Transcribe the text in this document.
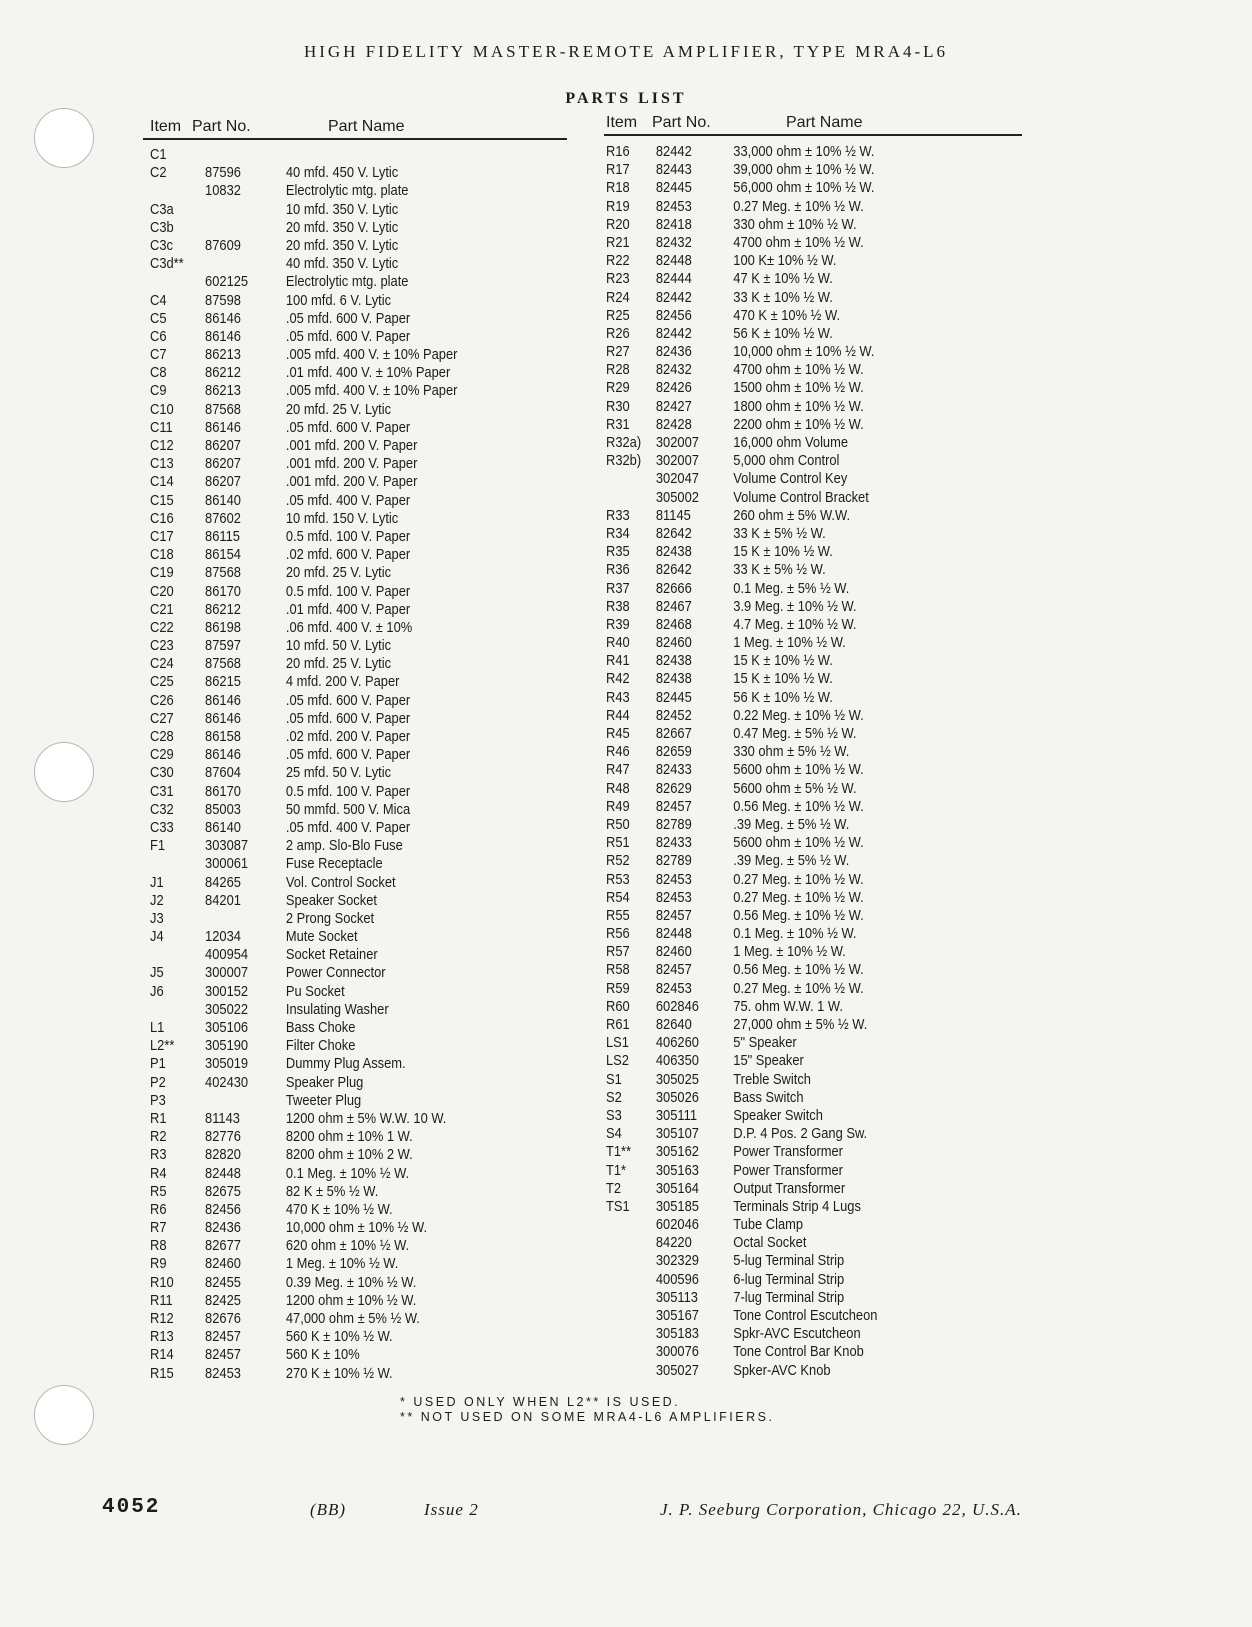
HIGH FIDELITY MASTER-REMOTE AMPLIFIER, TYPE MRA4-L6
PARTS LIST
Item Part No.	Part Name	Item Part No.	Part Name
C1
C2	87596	40 mfd. 450 V. Lytic
10832	Electrolytic mtg. plate
C3a	10 mfd. 350 V. Lytic
C3b	20 mfd. 350 V. Lytic
C3c 87609	20 mfd. 350 V. Lytic
C3d**	40 mfd. 350 V. Lytic
602125	Electrolytic mtg. plate
C4	87598	100 mfd. 6 V. Lytic
C5	86146	.05 mfd. 600 V. Paper
C6	86146	.05 mfd. 600 V. Paper
C7	86213	.005 mfd. 400 V. ± 10% Paper
C8	86212	.01 mfd. 400 V. ± 10% Paper
C9	86213	.005 mfd. 400 V. ± 10% Paper
C10 87568	20 mfd. 25 V. Lytic
C11 86146	.05 mfd. 600 V. Paper
C12 86207	.001 mfd. 200 V. Paper
C13 86207	.001 mfd. 200 V. Paper
C14 86207	.001 mfd. 200 V. Paper
C15 86140	.05 mfd. 400 V. Paper
C16 87602	10 mfd. 150 V. Lytic
C17 86115	0.5 mfd. 100 V. Paper
C18 86154	.02 mfd. 600 V. Paper
C19 87568	20 mfd. 25 V. Lytic
C20 86170	0.5 mfd. 100 V. Paper
C21 86212	.01 mfd. 400 V. Paper
C22 86198	.06 mfd. 400 V. ± 10%
C23 87597	10 mfd. 50 V. Lytic
C24 87568	20 mfd. 25 V. Lytic
C25 86215	4 mfd. 200 V. Paper
C26 86146	.05 mfd. 600 V. Paper
C27 86146	.05 mfd. 600 V. Paper
C28 86158	.02 mfd. 200 V. Paper
C29 86146	.05 mfd. 600 V. Paper
C30 87604	25 mfd. 50 V. Lytic
C31 86170	0.5 mfd. 100 V. Paper
C32 85003	50 mmfd. 500 V. Mica
C33 86140	.05 mfd. 400 V. Paper
F1	303087	2 amp. Slo-Blo Fuse
300061	Fuse Receptacle
J1	84265	Vol. Control Socket
J2	84201	Speaker Socket
J3	2 Prong Socket
J4	12034	Mute Socket
400954	Socket Retainer
J5	300007	Power Connector
J6	300152	Pu Socket
305022	Insulating Washer
L1	305106	Bass Choke
L2** 305190	Filter Choke
P1	305019	Dummy Plug Assem.
P2	402430	Speaker Plug
P3	Tweeter Plug
R1	81143	1200 ohm ± 5% W.W. 10 W.
R2	82776	8200 ohm ± 10% 1 W.
R3	82820	8200 ohm ± 10% 2 W.
R4	82448	0.1 Meg. ± 10% ½ W.
R5	82675	82 K ± 5% ½ W.
R6	82456	470 K ± 10% ½ W.
R7	82436	10,000 ohm ± 10% ½ W.
R8	82677	620 ohm ± 10% ½ W.
R9	82460	1 Meg. ± 10% ½ W.
R10 82455	0.39 Meg. ± 10% ½ W.
R11 82425	1200 ohm ± 10% ½ W.
R12 82676	47,000 ohm ± 5% ½ W.
R13 82457	560 K ± 10% ½ W.
R14 82457	560 K ± 10%
R15 82453	270 K ± 10% ½ W.
R16 82442	33,000 ohm ± 10% ½ W.
R17 82443	39,000 ohm ± 10% ½ W.
R18 82445	56,000 ohm ± 10% ½ W.
R19 82453	0.27 Meg. ± 10% ½ W.
R20 82418	330 ohm ± 10% ½ W.
R21 82432	4700 ohm ± 10% ½ W.
R22 82448	100 K± 10% ½ W.
R23 82444	47 K ± 10% ½ W.
R24 82442	33 K ± 10% ½ W.
R25 82456	470 K ± 10% ½ W.
R26 82442	56 K ± 10% ½ W.
R27 82436	10,000 ohm ± 10% ½ W.
R28 82432	4700 ohm ± 10% ½ W.
R29 82426	1500 ohm ± 10% ½ W.
R30 82427	1800 ohm ± 10% ½ W.
R31 82428	2200 ohm ± 10% ½ W.
R32a) 302007 16,000 ohm Volume
R32b) 302007 5,000 ohm Control
302047 Volume Control Key
305002 Volume Control Bracket
R33 81145	260 ohm ± 5% W.W.
R34 82642	33 K ± 5% ½ W.
R35 82438	15 K ± 10% ½ W.
R36 82642	33 K ± 5% ½ W.
R37 82666	0.1 Meg. ± 5% ½ W.
R38 82467	3.9 Meg. ± 10% ½ W.
R39 82468	4.7 Meg. ± 10% ½ W.
R40 82460	1 Meg. ± 10% ½ W.
R41 82438	15 K ± 10% ½ W.
R42 82438	15 K ± 10% ½ W.
R43 82445	56 K ± 10% ½ W.
R44 82452	0.22 Meg. ± 10% ½ W.
R45 82667	0.47 Meg. ± 5% ½ W.
R46 82659	330 ohm ± 5% ½ W.
R47 82433	5600 ohm ± 10% ½ W.
R48 82629	5600 ohm ± 5% ½ W.
R49 82457	0.56 Meg. ± 10% ½ W.
R50 82789	.39 Meg. ± 5% ½ W.
R51 82433	5600 ohm ± 10% ½ W.
R52 82789	.39 Meg. ± 5% ½ W.
R53 82453	0.27 Meg. ± 10% ½ W.
R54 82453	0.27 Meg. ± 10% ½ W.
R55 82457	0.56 Meg. ± 10% ½ W.
R56 82448	0.1 Meg. ± 10% ½ W.
R57 82460	1 Meg. ± 10% ½ W.
R58 82457	0.56 Meg. ± 10% ½ W.
R59 82453	0.27 Meg. ± 10% ½ W.
R60 602846 75. ohm W.W. 1 W.
R61 82640	27,000 ohm ± 5% ½ W.
LS1 406260 5" Speaker
LS2 406350 15" Speaker
S1 305025 Treble Switch
S2 305026 Bass Switch
S3 305111 Speaker Switch
S4 305107 D.P. 4 Pos. 2 Gang Sw.
T1** 305162 Power Transformer
T1* 305163 Power Transformer
T2 305164 Output Transformer
TS1 305185 Terminals Strip 4 Lugs
602046 Tube Clamp
84220	Octal Socket
302329 5-lug Terminal Strip
400596 6-lug Terminal Strip
305113 7-lug Terminal Strip
305167 Tone Control Escutcheon
305183 Spkr-AVC Escutcheon
300076 Tone Control Bar Knob
305027 Spker-AVC Knob
* USED ONLY WHEN L2** IS USED.
** NOT USED ON SOME MRA4-L6 AMPLIFIERS.
4052	(BB)	Issue 2	J. P. Seeburg Corporation, Chicago 22, U.S.A.
